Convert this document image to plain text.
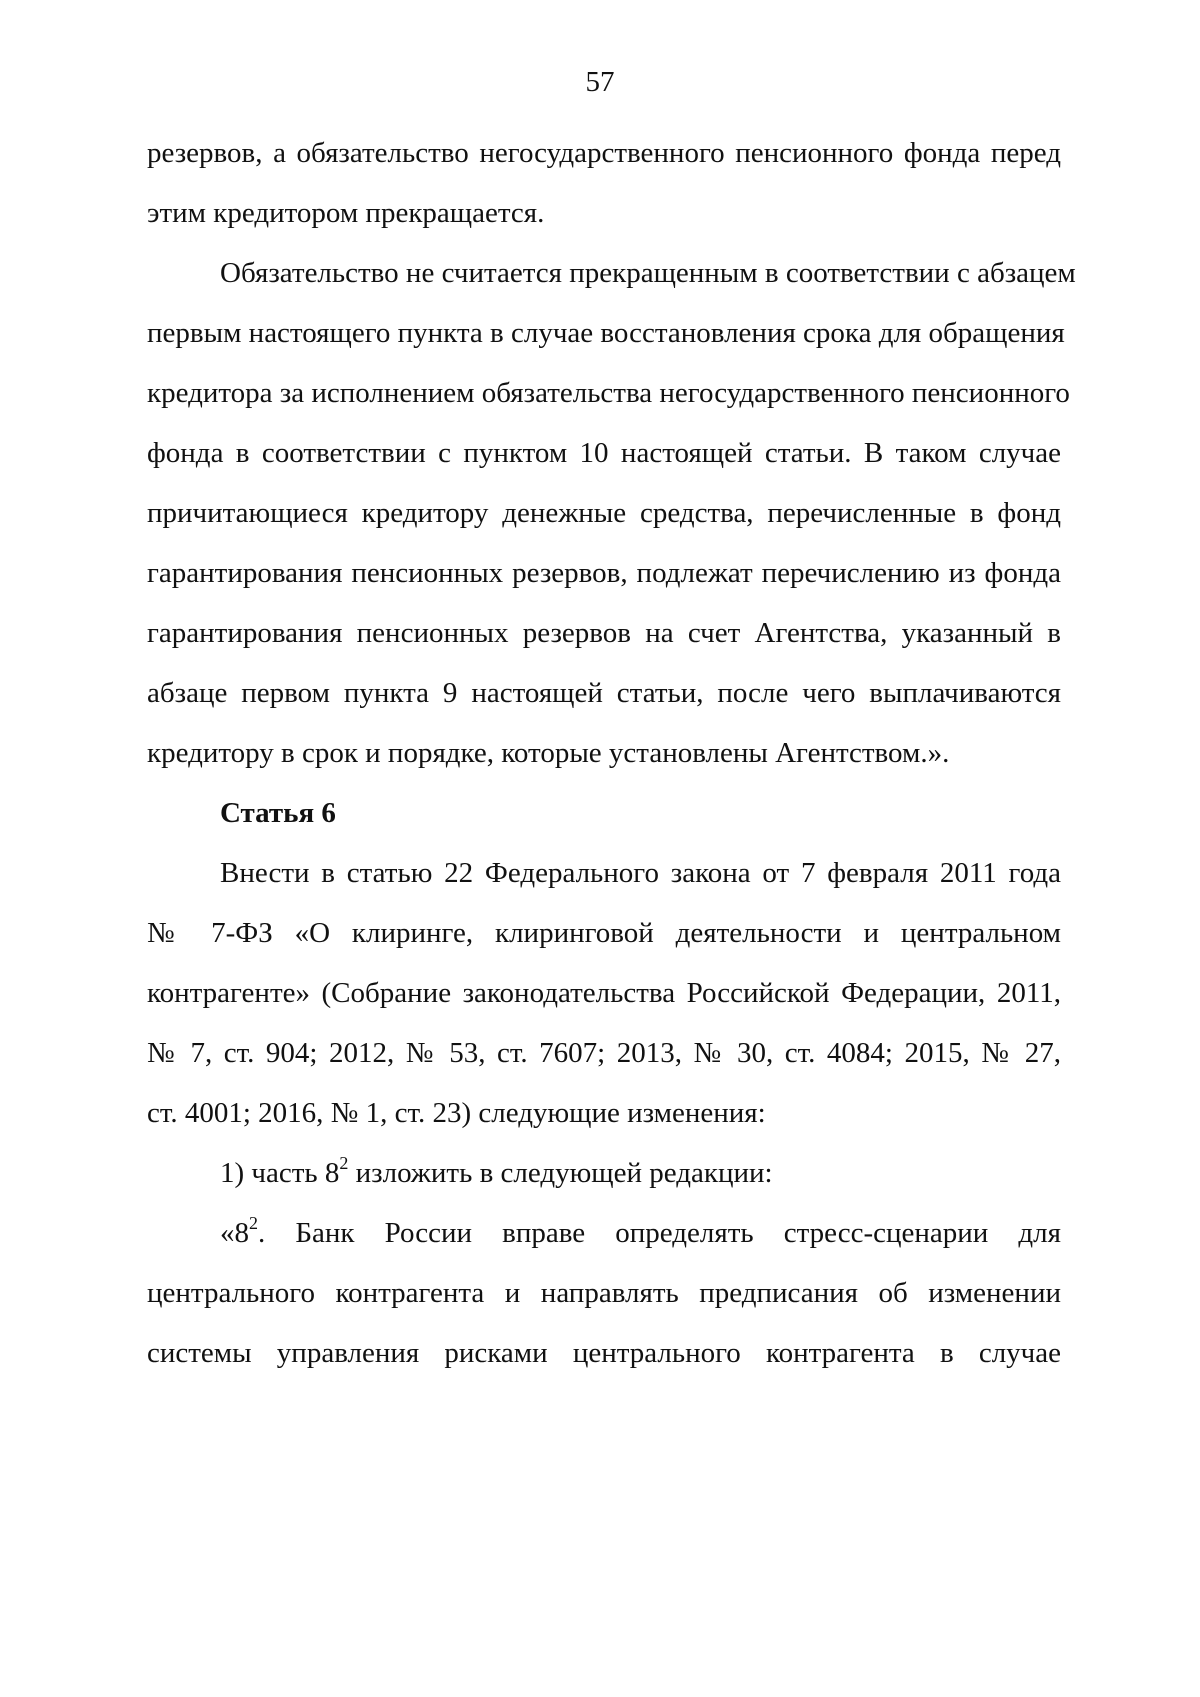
57
резервов, а обязательство негосударственного пенсионного фонда перед
этим кредитором прекращается.
Обязательство не считается прекращенным в соответствии с абзацем
первым настоящего пункта в случае восстановления срока для обращения
кредитора за исполнением обязательства негосударственного пенсионного
фонда в соответствии с пунктом 10 настоящей статьи. В таком случае
причитающиеся кредитору денежные средства, перечисленные в фонд
гарантирования пенсионных резервов, подлежат перечислению из фонда
гарантирования пенсионных резервов на счет Агентства, указанный в
абзаце первом пункта 9 настоящей статьи, после чего выплачиваются
кредитору в срок и порядке, которые установлены Агентством.».
Статья 6
Внести в статью 22 Федерального закона от 7 февраля 2011 года
№ 7-ФЗ «О клиринге, клиринговой деятельности и центральном
контрагенте» (Собрание законодательства Российской Федерации, 2011,
№ 7, ст. 904; 2012, № 53, ст. 7607; 2013, № 30, ст. 4084; 2015, № 27,
ст. 4001; 2016, № 1, ст. 23) следующие изменения:
1) часть $8^2$ изложить в следующей редакции:
«$8^2$. Банк России вправе определять стресс-сценарии для
центрального контрагента и направлять предписания об изменении
системы управления рисками центрального контрагента в случае
